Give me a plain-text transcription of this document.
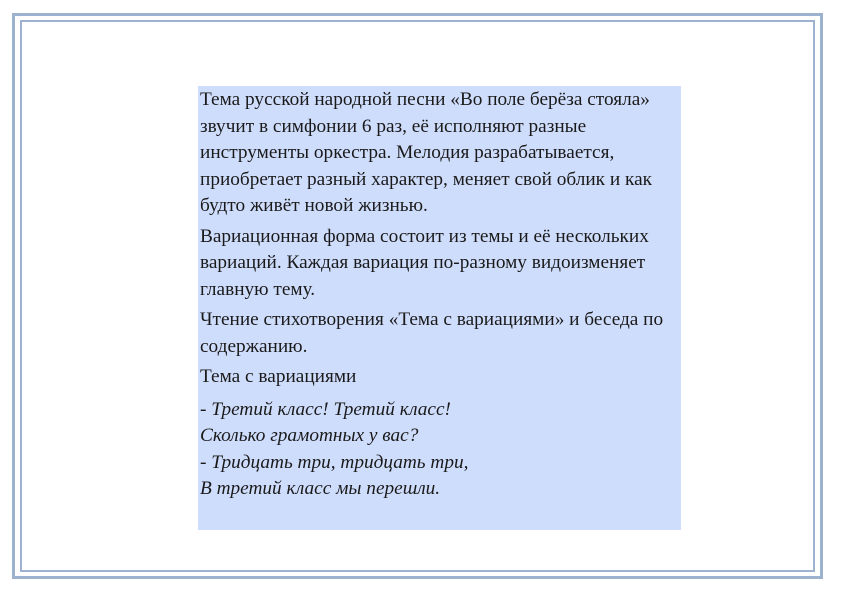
Тема русской народной песни «Во поле берёза стояла» звучит в симфонии 6 раз, её исполняют разные инструменты оркестра. Мелодия разрабатывается, приобретает разный характер, меняет свой облик и как будто живёт новой жизнью.

Вариационная форма состоит из темы и её нескольких вариаций. Каждая вариация по-разному видоизменяет главную тему.

Чтение стихотворения «Тема с вариациями» и беседа по содержанию.

Тема с вариациями

- Третий класс! Третий класс!
Сколько грамотных у вас?
- Тридцать три, тридцать три,
В третий класс мы перешли.
